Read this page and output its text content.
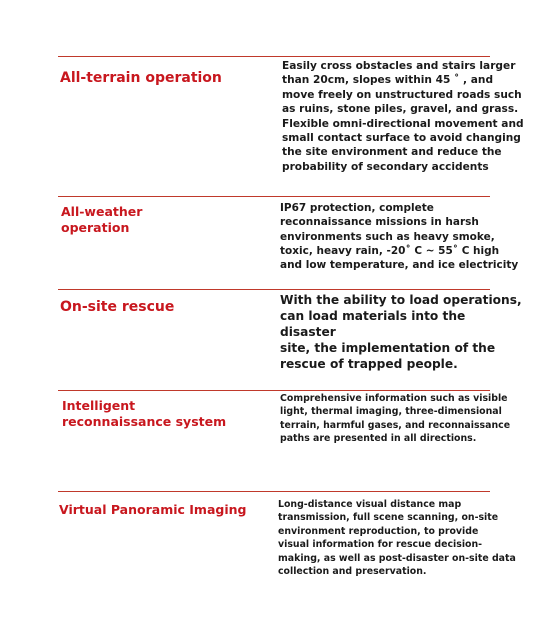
All-terrain operation
Easily cross obstacles and stairs larger
than 20cm, slopes within 45 ˚ , and
move freely on unstructured roads such
as ruins, stone piles, gravel, and grass.
Flexible omni-directional movement and
small contact surface to avoid changing
the site environment and reduce the
probability of secondary accidents
All-weather
operation
IP67 protection, complete
reconnaissance missions in harsh
environments such as heavy smoke,
toxic, heavy rain, -20˚ C ~ 55˚ C high
and low temperature, and ice electricity
On-site rescue	With the ability to load operations,
can load materials into the disaster
site, the implementation of the
rescue of trapped people.
Intelligent
reconnaissance system
Comprehensive information such as visible
light, thermal imaging, three-dimensional
terrain, harmful gases, and reconnaissance
paths are presented in all directions.
Virtual Panoramic Imaging	Long-distance visual distance map
transmission, full scene scanning, on-site
environment reproduction, to provide
visual information for rescue decision-
making, as well as post-disaster on-site data
collection and preservation.
